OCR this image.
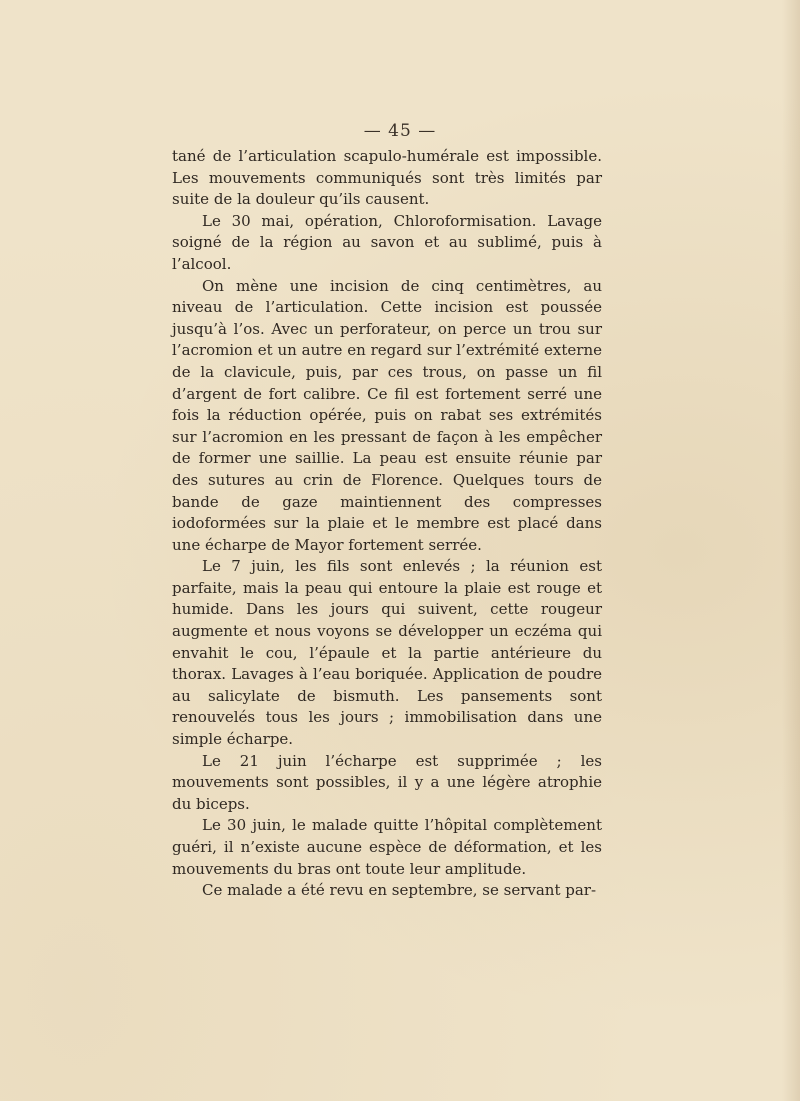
— 45 —

tané de l’articulation scapulo-humérale est impossible. Les mouvements communiqués sont très limités par suite de la douleur qu’ils causent.

Le 30 mai, opération, Chloroformisation. Lavage soigné de la région au savon et au sublimé, puis à l’alcool.

On mène une incision de cinq centimètres, au niveau de l’articulation. Cette incision est poussée jusqu’à l’os. Avec un perforateur, on perce un trou sur l’acromion et un autre en regard sur l’extrémité externe de la clavicule, puis, par ces trous, on passe un fil d’argent de fort calibre. Ce fil est fortement serré une fois la réduction opérée, puis on rabat ses extrémités sur l’acromion en les pressant de façon à les empêcher de former une saillie. La peau est ensuite réunie par des sutures au crin de Florence. Quelques tours de bande de gaze maintiennent des compresses iodoformées sur la plaie et le membre est placé dans une écharpe de Mayor fortement serrée.

Le 7 juin, les fils sont enlevés ; la réunion est parfaite, mais la peau qui entoure la plaie est rouge et humide. Dans les jours qui suivent, cette rougeur augmente et nous voyons se développer un eczéma qui envahit le cou, l’épaule et la partie antérieure du thorax. Lavages à l’eau boriquée. Application de poudre au salicylate de bismuth. Les pansements sont renouvelés tous les jours ; immobilisation dans une simple écharpe.

Le 21 juin l’écharpe est supprimée ; les mouvements sont possibles, il y a une légère atrophie du biceps.

Le 30 juin, le malade quitte l’hôpital complètement guéri, il n’existe aucune espèce de déformation, et les mouvements du bras ont toute leur amplitude.

Ce malade a été revu en septembre, se servant par-
